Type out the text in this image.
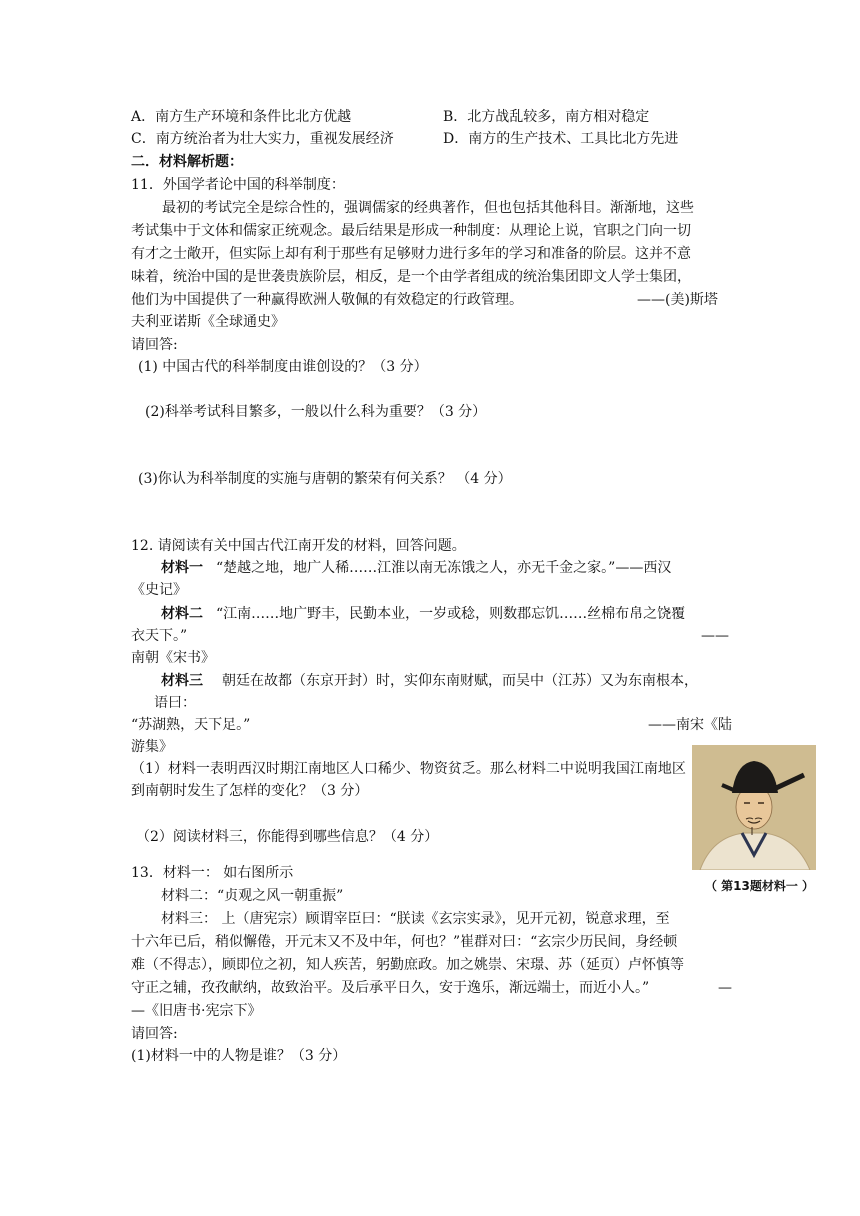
A．南方生产环境和条件比北方优越	B．北方战乱较多，南方相对稳定
C．南方统治者为壮大实力，重视发展经济	D．南方的生产技术、工具比北方先进
二．材料解析题：
11．外国学者论中国的科举制度：
最初的考试完全是综合性的，强调儒家的经典著作，但也包括其他科目。渐渐地，这些
考试集中于文体和儒家正统观念。最后结果是形成一种制度：从理论上说，官职之门向一切
有才之士敞开，但实际上却有利于那些有足够财力进行多年的学习和准备的阶层。这并不意
味着，统治中国的是世袭贵族阶层，相反，是一个由学者组成的统治集团即文人学士集团，
他们为中国提供了一种赢得欧洲人敬佩的有效稳定的行政管理。	——(美)斯塔
夫利亚诺斯《全球通史》
请回答:
(1) 中国古代的科举制度由谁创设的？（3 分）
(2)科举考试科目繁多，一般以什么科为重要？（3 分）
(3)你认为科举制度的实施与唐朝的繁荣有何关系？ （4 分）
12. 请阅读有关中国古代江南开发的材料，回答问题。
材料一 “楚越之地，地广人稀……江淮以南无冻饿之人，亦无千金之家。”——西汉
《史记》
材料二 “江南……地广野丰，民勤本业，一岁或稔，则数郡忘饥……丝棉布帛之饶覆
衣天下。”	——
南朝《宋书》
材料三 朝廷在故都（东京开封）时，实仰东南财赋，而吴中（江苏）又为东南根本，
语曰：
“苏湖熟，天下足。”	——南宋《陆
游集》
（1）材料一表明西汉时期江南地区人口稀少、物资贫乏。那么材料二中说明我国江南地区
到南朝时发生了怎样的变化？（3 分）
（2）阅读材料三，你能得到哪些信息？（4 分）
（ 第13题材料一 ）
13．材料一： 如右图所示
材料二：“贞观之风一朝重振”
材料三： 上（唐宪宗）顾谓宰臣曰：“朕读《玄宗实录》，见开元初，锐意求理，至
十六年已后，稍似懈倦，开元末又不及中年，何也？”崔群对曰：“玄宗少历民间，身经顿
难（不得志），顾即位之初，知人疾苦，躬勤庶政。加之姚崇、宋璟、苏（延页）卢怀慎等
守正之辅，孜孜献纳，故致治平。及后承平日久，安于逸乐，渐远端士，而近小人。”	—
—《旧唐书·宪宗下》
请回答:
(1)材料一中的人物是谁？（3 分）
